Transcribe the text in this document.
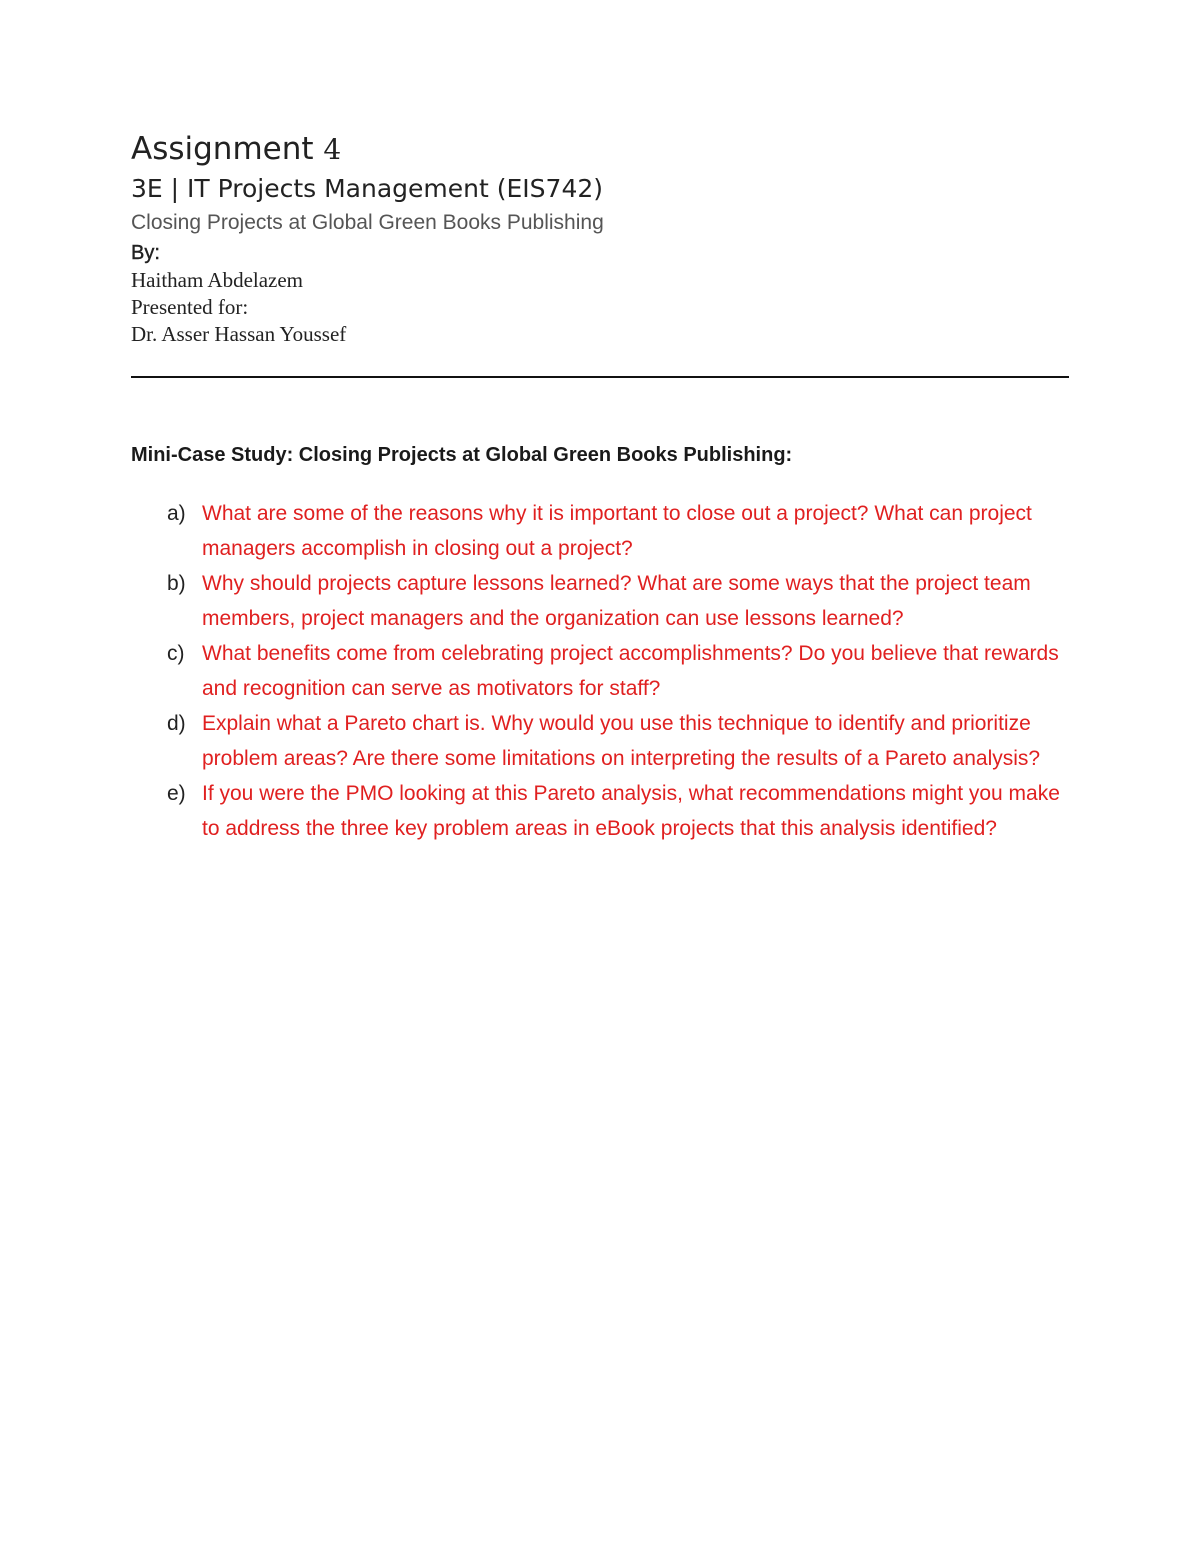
Assignment 4

3E | IT Projects Management (EIS742)

Closing Projects at Global Green Books Publishing

By:

Haitham Abdelazem

Presented for:

Dr. Asser Hassan Youssef

Mini-Case Study: Closing Projects at Global Green Books Publishing:
a) What are some of the reasons why it is important to close out a project? What can project managers accomplish in closing out a project?
b) Why should projects capture lessons learned? What are some ways that the project team members, project managers and the organization can use lessons learned?
c) What benefits come from celebrating project accomplishments? Do you believe that rewards and recognition can serve as motivators for staff?
d) Explain what a Pareto chart is. Why would you use this technique to identify and prioritize problem areas? Are there some limitations on interpreting the results of a Pareto analysis?
e) If you were the PMO looking at this Pareto analysis, what recommendations might you make to address the three key problem areas in eBook projects that this analysis identified?
